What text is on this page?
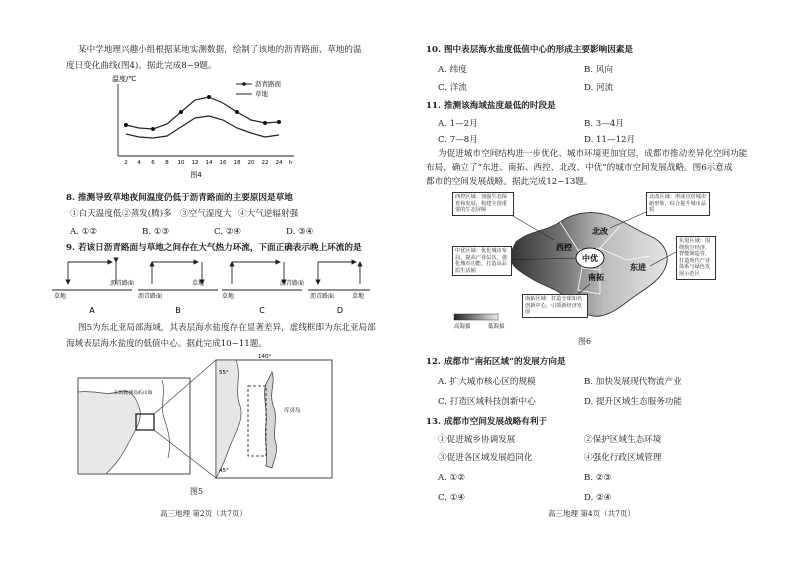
某中学地理兴趣小组根据某地实测数据，绘制了该地的沥青路面、草地的温
度日变化曲线(图4)。据此完成8~9题。
温度/℃
沥青路面
草地
2 4 6 8 10 12 14 16 18 20 22 24 h
图4
8. 推测导致草地夜间温度仍低于沥青路面的主要原因是草地
①白天温度低 ②蒸发(腾)多 ③空气湿度大 ④大气逆辐射强
A. ①②	B. ①③	C. ②④	D. ③④
9. 若该日沥青路面与草地之间存在大气热力环流，下面正确表示晚上环流的是
草地
沥青路面
沥青路面
草地
草地
沥青路面
沥青路面	草地
A	B	C	D
图5为东北亚局部海域，其表层海水盐度存在显著差异，虚线框即为东北亚局部
海域表层海水盐度的低值中心。据此完成10~11题。
东海勘测岛屿山坡
140°
55°
45°
库页岛
图5
高三地理 第2页（共7页）
10. 图中表层海水盐度低值中心的形成主要影响因素是
A. 纬度	B. 风向
C. 洋流	D. 河流
11. 推测该海域盐度最低的时段是
A. 1—2月	B. 3—4月
C. 7—8月	D. 11—12月
为促进城市空间结构进一步优化、城市环境更加宜居，成都市推动差异化空间功能
布局，确立了“东进、南拓、西控、北改、中优”的城市空间发展战略。图6示意成
都市的空间发展战略。据此完成12~13题。
高海拔	低海拔
北改
西控
中优
东进
南拓
西控区域：加强生态保育和发展，构建全国重要的生态屏障
北改区域：形成宜居城市新形象，综合提升城市品质
中优区域：优化城市布局，提高产业层次，强化城市功能，打造高品质生活圈
东进区域：围绕航空经济，智能制造等，打造现代产业体系与绿色发展示范区
南拓区域：打造全球知名创新中心，引领新经济发展
图6
12. 成都市“南拓区域”的发展方向是
A. 扩大城市核心区的规模	B. 加快发展现代物流产业
C. 打造区域科技创新中心	D. 提升区域生态服务功能
13. 成都市空间发展战略有利于
①促进城乡协调发展	②保护区域生态环境
③促进各区域发展趋同化	④强化行政区域管理
A. ①②	B. ②③
C. ①④	D. ②④
高三地理 第4页（共7页）
